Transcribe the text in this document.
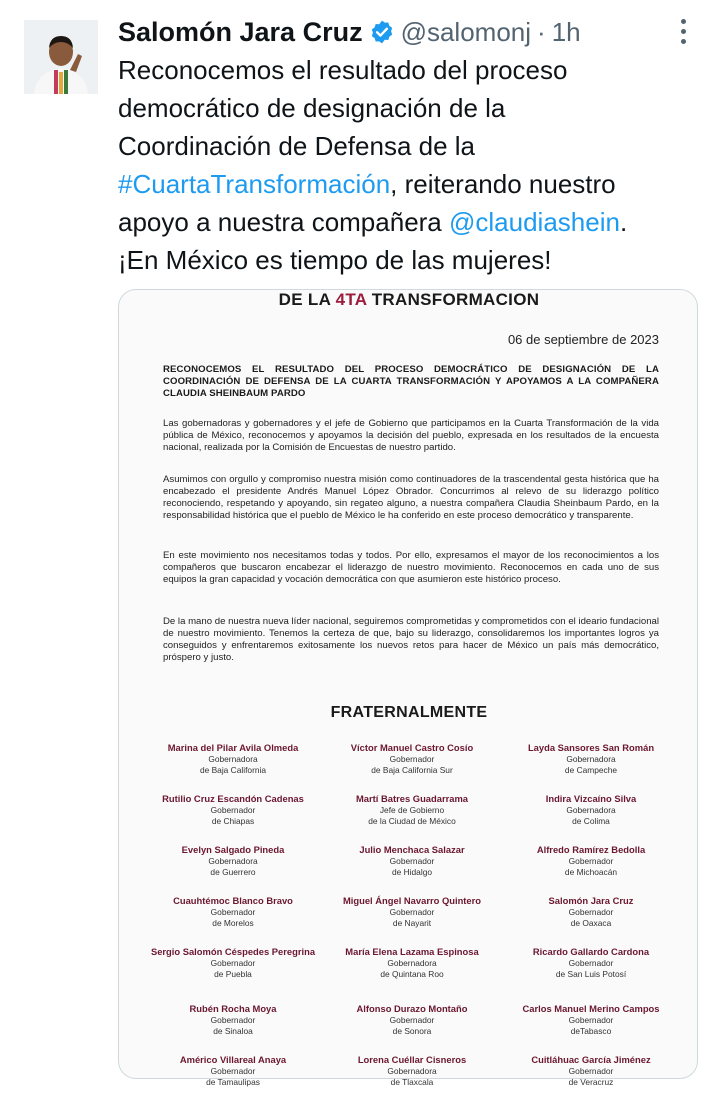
Salomón Jara Cruz @salomonj · 1h
Reconocemos el resultado del proceso
democrático de designación de la
Coordinación de Defensa de la
#CuartaTransformación, reiterando nuestro
apoyo a nuestra compañera @claudiashein.
¡En México es tiempo de las mujeres!
DE LA 4TA TRANSFORMACION
06 de septiembre de 2023
RECONOCEMOS EL RESULTADO DEL PROCESO DEMOCRÁTICO DE DESIGNACIÓN DE LA COORDINACIÓN DE DEFENSA DE LA CUARTA TRANSFORMACIÓN Y APOYAMOS A LA COMPAÑERA CLAUDIA SHEINBAUM PARDO
Las gobernadoras y gobernadores y el jefe de Gobierno que participamos en la Cuarta Transformación de la vida pública de México, reconocemos y apoyamos la decisión del pueblo, expresada en los resultados de la encuesta nacional, realizada por la Comisión de Encuestas de nuestro partido.
Asumimos con orgullo y compromiso nuestra misión como continuadores de la trascendental gesta histórica que ha encabezado el presidente Andrés Manuel López Obrador. Concurrimos al relevo de su liderazgo político reconociendo, respetando y apoyando, sin regateo alguno, a nuestra compañera Claudia Sheinbaum Pardo, en la responsabilidad histórica que el pueblo de México le ha conferido en este proceso democrático y transparente.
En este movimiento nos necesitamos todas y todos. Por ello, expresamos el mayor de los reconocimientos a los compañeros que buscaron encabezar el liderazgo de nuestro movimiento. Reconocemos en cada uno de sus equipos la gran capacidad y vocación democrática con que asumieron este histórico proceso.
De la mano de nuestra nueva líder nacional, seguiremos comprometidas y comprometidos con el ideario fundacional de nuestro movimiento. Tenemos la certeza de que, bajo su liderazgo, consolidaremos los importantes logros ya conseguidos y enfrentaremos exitosamente los nuevos retos para hacer de México un país más democrático, próspero y justo.
FRATERNALMENTE
Marina del Pilar Avila Olmeda
Gobernadora
de Baja California
Víctor Manuel Castro Cosío
Gobernador
de Baja California Sur
Layda Sansores San Román
Gobernadora
de Campeche
Rutilio Cruz Escandón Cadenas
Gobernador
de Chiapas
Martí Batres Guadarrama
Jefe de Gobierno
de la Ciudad de México
Indira Vizcaíno Silva
Gobernadora
de Colima
Evelyn Salgado Pineda
Gobernadora
de Guerrero
Julio Menchaca Salazar
Gobernador
de Hidalgo
Alfredo Ramírez Bedolla
Gobernador
de Michoacán
Cuauhtémoc Blanco Bravo
Gobernador
de Morelos
Miguel Ángel Navarro Quintero
Gobernador
de Nayarit
Salomón Jara Cruz
Gobernador
de Oaxaca
Sergio Salomón Céspedes Peregrina
Gobernador
de Puebla
María Elena Lazama Espinosa
Gobernadora
de Quintana Roo
Ricardo Gallardo Cardona
Gobernador
de San Luis Potosí
Rubén Rocha Moya
Gobernador
de Sinaloa
Alfonso Durazo Montaño
Gobernador
de Sonora
Carlos Manuel Merino Campos
Gobernador
deTabasco
Américo Villareal Anaya
Gobernador
de Tamaulipas
Lorena Cuéllar Cisneros
Gobernadora
de Tlaxcala
Cuitláhuac García Jiménez
Gobernador
de Veracruz
